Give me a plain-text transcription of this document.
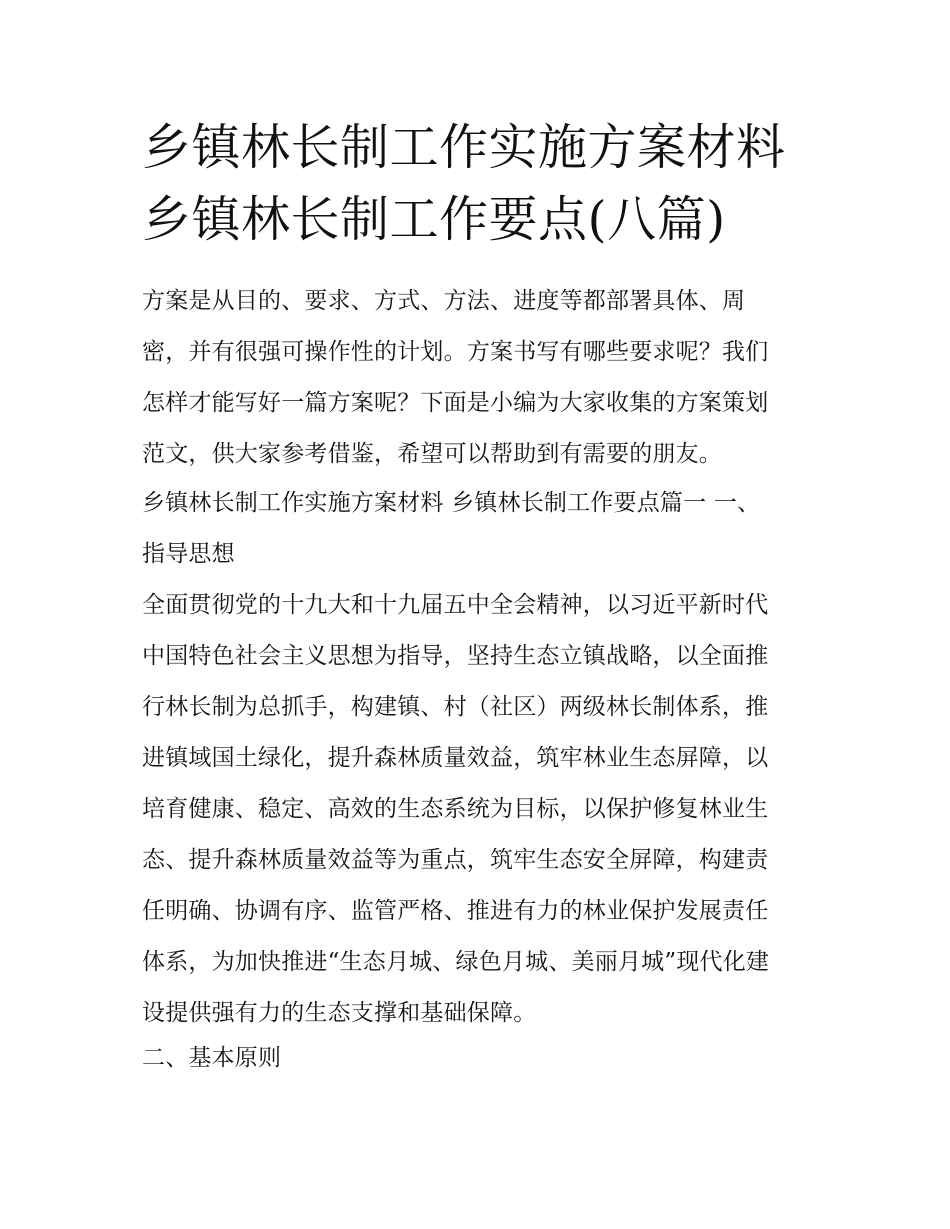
乡镇林长制工作实施方案材料
乡镇林长制工作要点(八篇)

方案是从目的、要求、方式、方法、进度等都部署具体、周
密，并有很强可操作性的计划。方案书写有哪些要求呢？我们
怎样才能写好一篇方案呢？下面是小编为大家收集的方案策划
范文，供大家参考借鉴，希望可以帮助到有需要的朋友。

乡镇林长制工作实施方案材料 乡镇林长制工作要点篇一 一、
指导思想

全面贯彻党的十九大和十九届五中全会精神，以习近平新时代
中国特色社会主义思想为指导，坚持生态立镇战略，以全面推
行林长制为总抓手，构建镇、村（社区）两级林长制体系，推
进镇域国土绿化，提升森林质量效益，筑牢林业生态屏障，以
培育健康、稳定、高效的生态系统为目标，以保护修复林业生
态、提升森林质量效益等为重点，筑牢生态安全屏障，构建责
任明确、协调有序、监管严格、推进有力的林业保护发展责任
体系，为加快推进“生态月城、绿色月城、美丽月城”现代化建
设提供强有力的生态支撑和基础保障。

二、基本原则
